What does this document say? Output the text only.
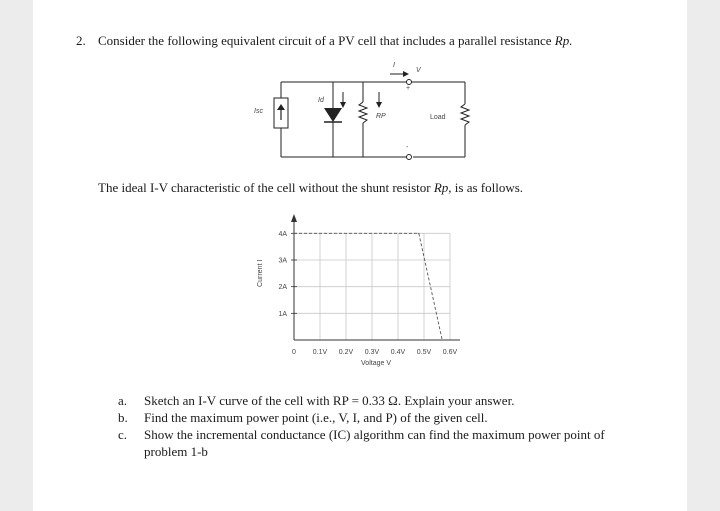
2. Consider the following equivalent circuit of a PV cell that includes a parallel resistance Rp.
Isc
Id
RP
I
V
+
-
Load
The ideal I-V characteristic of the cell without the shunt resistor Rp, is as follows.
1A
2A
3A
4A
0 0.1V 0.2V 0.3V 0.4V 0.5V 0.6V
Voltage V
Current I
a.	Sketch an I-V curve of the cell with RP = 0.33 Ω. Explain your answer.
b.	Find the maximum power point (i.e., V, I, and P) of the given cell.
c.	Show the incremental conductance (IC) algorithm can find the maximum power point of problem 1-b
